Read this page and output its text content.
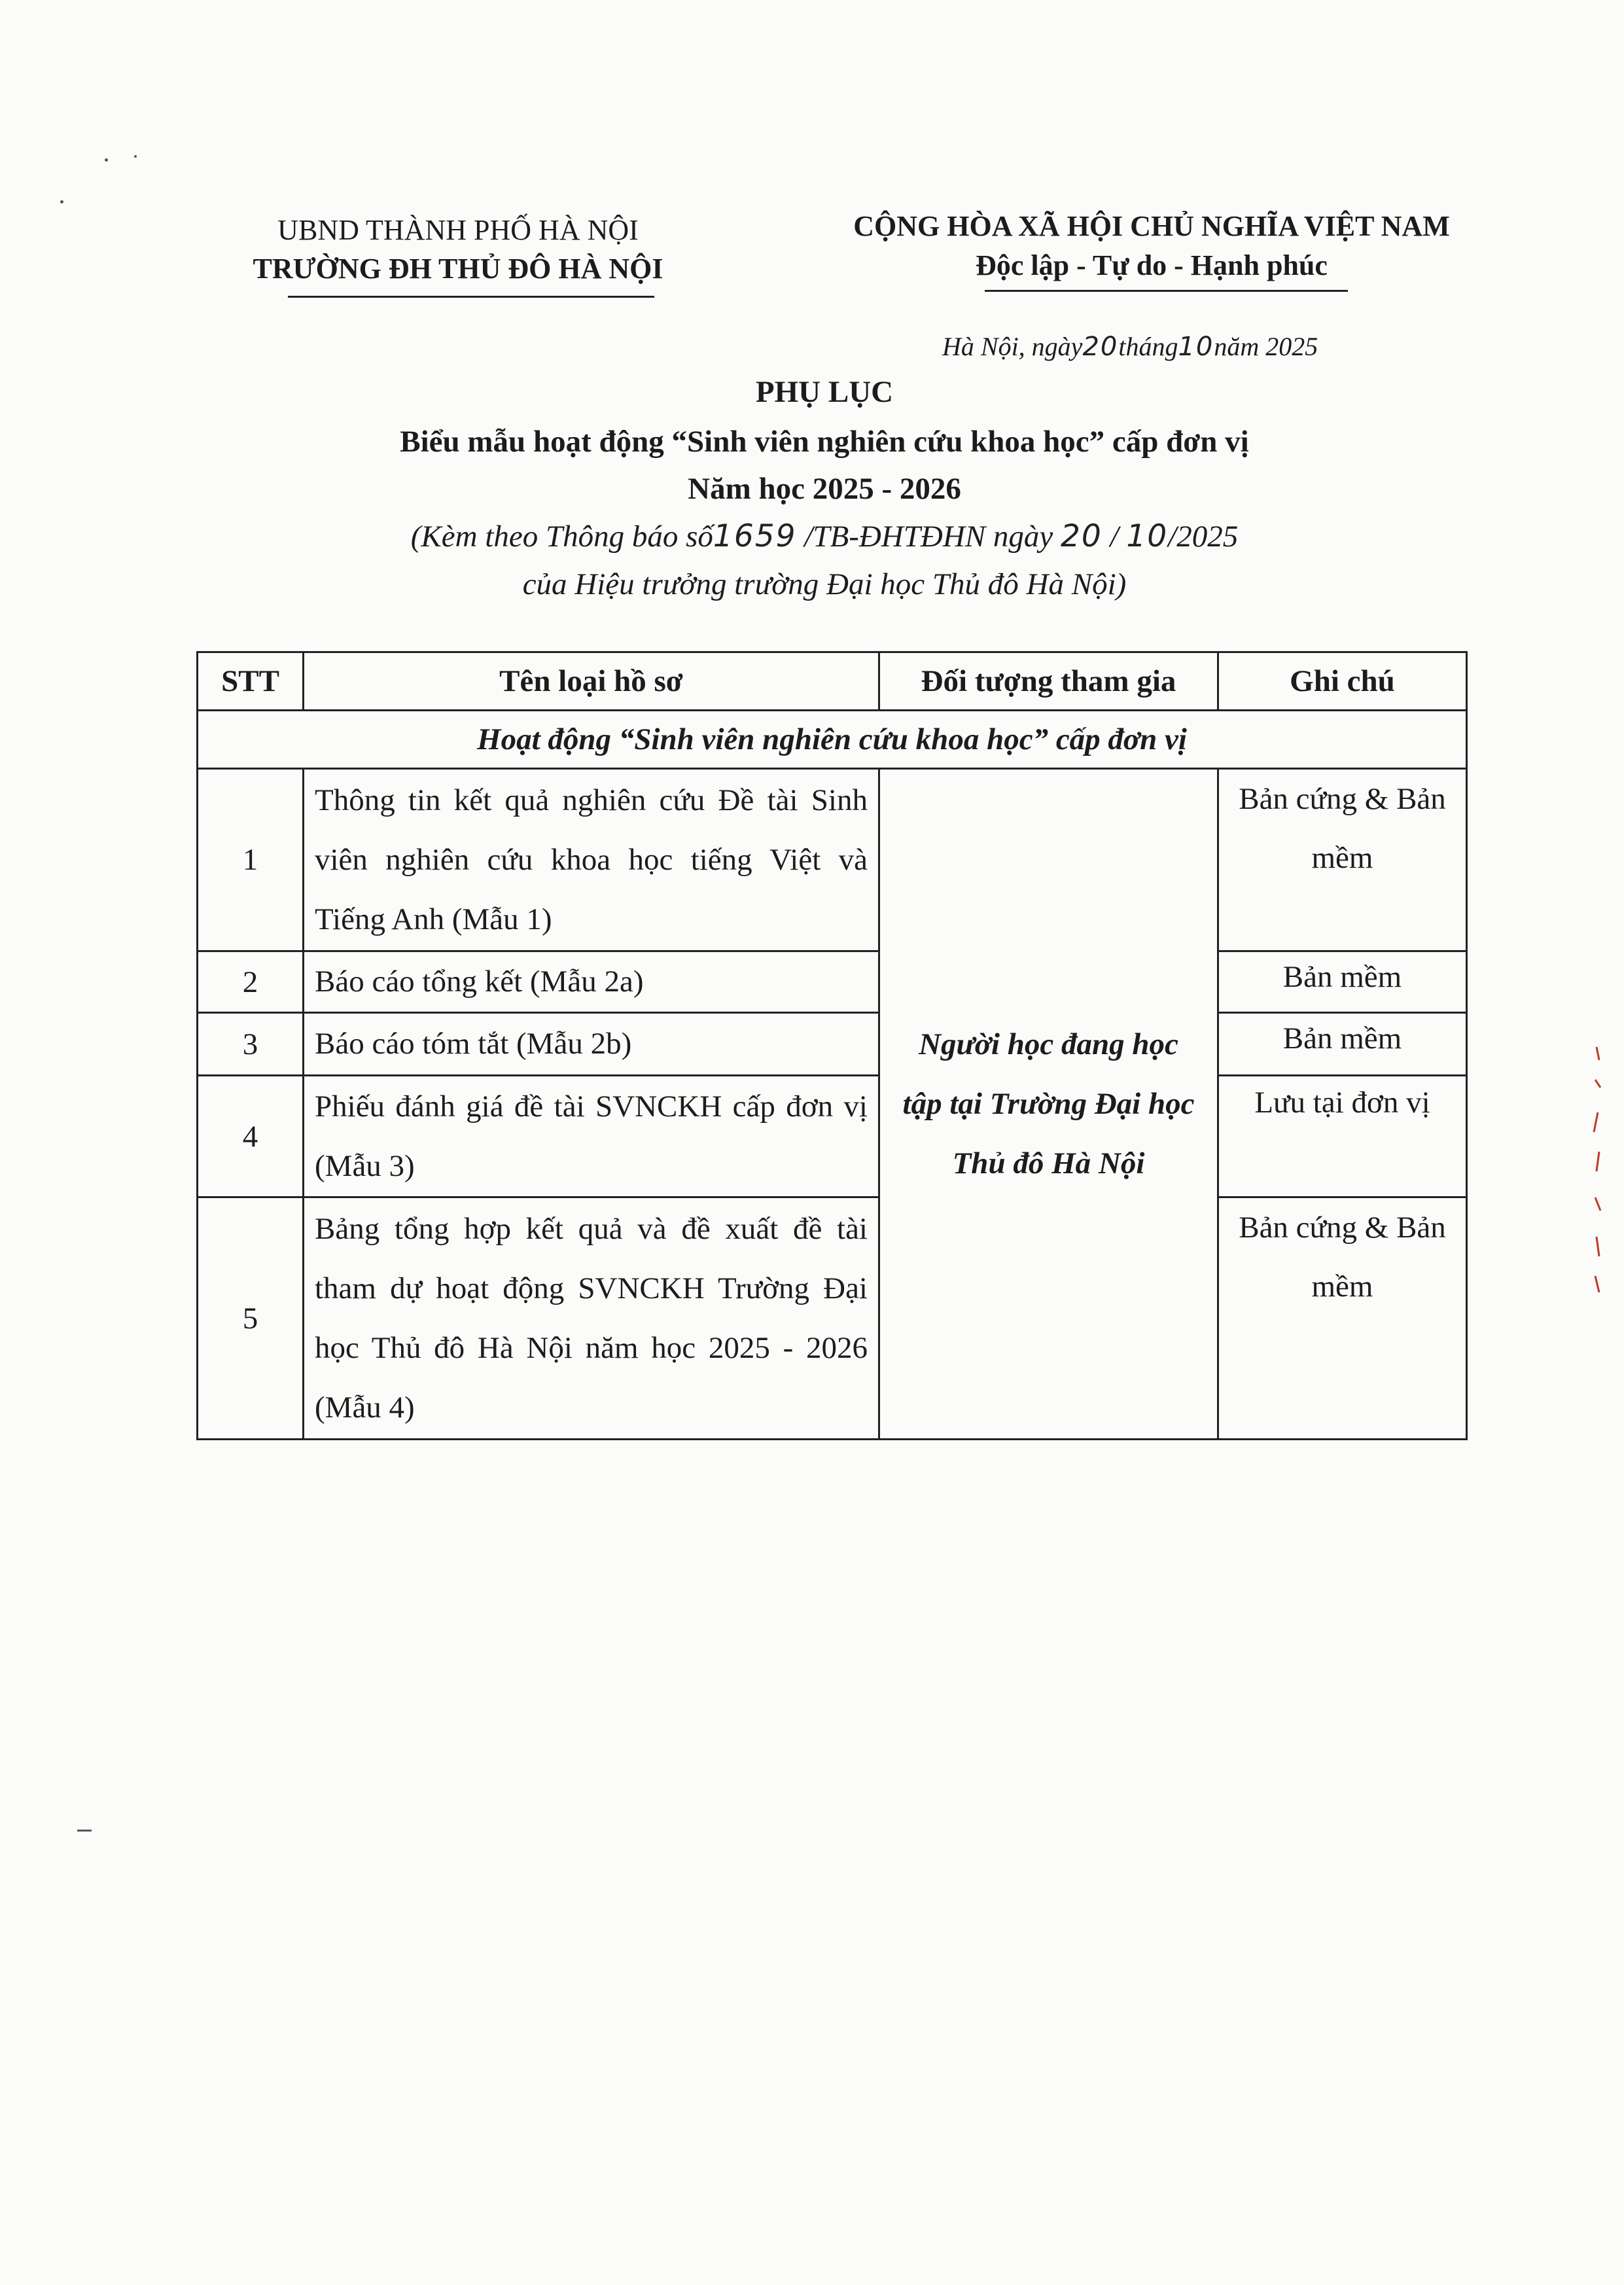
UBND THÀNH PHỐ HÀ NỘI
TRƯỜNG ĐH THỦ ĐÔ HÀ NỘI
CỘNG HÒA XÃ HỘI CHỦ NGHĨA VIỆT NAM
Độc lập - Tự do - Hạnh phúc
Hà Nội, ngày20tháng10năm 2025
PHỤ LỤC
Biểu mẫu hoạt động “Sinh viên nghiên cứu khoa học” cấp đơn vị
Năm học 2025 - 2026
(Kèm theo Thông báo số1659 /TB-ĐHTĐHN ngày 20 / 10/2025
của Hiệu trưởng trường Đại học Thủ đô Hà Nội)
STT	Tên loại hồ sơ	Đối tượng tham gia	Ghi chú
Hoạt động “Sinh viên nghiên cứu khoa học” cấp đơn vị			
1	Thông tin kết quả nghiên cứu Đề tài Sinh viên nghiên cứu khoa học tiếng Việt và Tiếng Anh (Mẫu 1)	Người học đang học tập tại Trường Đại học Thủ đô Hà Nội	Bản cứng & Bản mềm
2	Báo cáo tổng kết (Mẫu 2a)		Bản mềm
3	Báo cáo tóm tắt (Mẫu 2b)		Bản mềm
4	Phiếu đánh giá đề tài SVNCKH cấp đơn vị (Mẫu 3)		Lưu tại đơn vị
5	Bảng tổng hợp kết quả và đề xuất đề tài tham dự hoạt động SVNCKH Trường Đại học Thủ đô Hà Nội năm học 2025 - 2026 (Mẫu 4)		Bản cứng & Bản mềm
